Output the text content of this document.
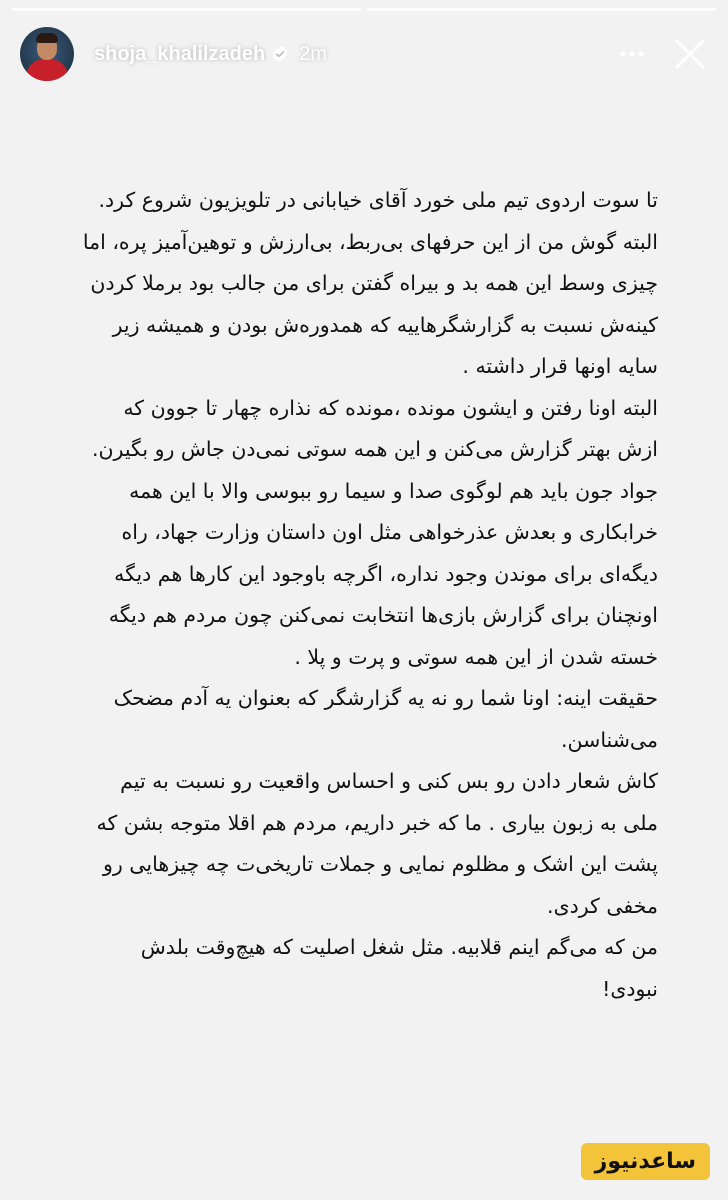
shoja_khalilzadeh 2m

تا سوت اردوی تیم ملی خورد آقای خیابانی در تلویزیون شروع کرد. البته گوش من از این حرفهای بی‌ربط، بی‌ارزش و توهین‌آمیز پره، اما چیزی وسط این همه بد و بیراه گفتن برای من جالب بود برملا کردن کینه‌ش نسبت به گزارشگرهاییه که همدوره‌ش بودن و همیشه زیر سایه اونها قرار داشته .

البته اونا رفتن و ایشون مونده ،مونده که نذاره چهار تا جوون که ازش بهتر گزارش می‌کنن و این همه سوتی نمی‌دن جاش رو بگیرن.

جواد جون باید هم لوگوی صدا و سیما رو ببوسی والا با این همه خرابکاری و بعدش عذرخواهی مثل اون داستان وزارت جهاد، راه دیگه‌ای برای موندن وجود نداره، اگرچه باوجود این کارها هم دیگه اونچنان برای گزارش بازی‌ها انتخابت نمی‌کنن چون مردم هم دیگه خسته شدن از این همه سوتی و پرت و پلا .

حقیقت اینه: اونا شما رو نه یه گزارشگر که بعنوان یه آدم مضحک می‌شناسن.

کاش شعار دادن رو بس کنی و احساس واقعیت رو نسبت به تیم ملی به زبون بیاری . ما که خبر داریم، مردم هم اقلا متوجه بشن که پشت این اشک و مظلوم نمایی و جملات تاریخی‌ت چه چیزهایی رو مخفی کردی.

من که می‌گم اینم قلابیه. مثل شغل اصلیت که هیچ‌وقت بلدش نبودی!

ساعدنیوز
